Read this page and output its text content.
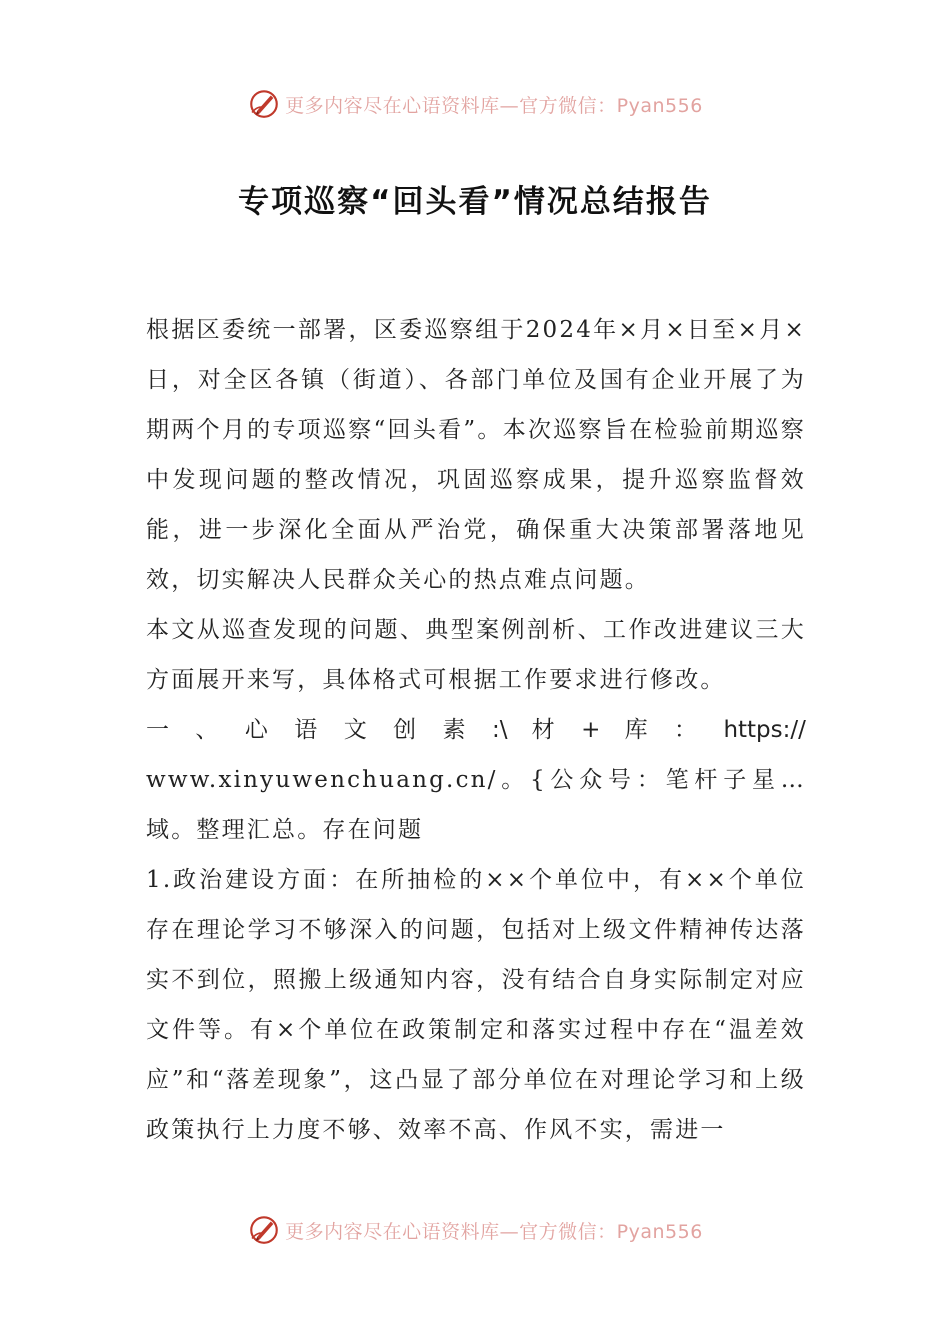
更多内容尽在心语资料库—官方微信：Pyan556
专项巡察“回头看”情况总结报告

根据区委统一部署，区委巡察组于2024年×月×日至×月×日，对全区各镇（街道）、各部门单位及国有企业开展了为期两个月的专项巡察“回头看”。本次巡察旨在检验前期巡察中发现问题的整改情况，巩固巡察成果，提升巡察监督效能，进一步深化全面从严治党，确保重大决策部署落地见效，切实解决人民群众关心的热点难点问题。

本文从巡查发现的问题、典型案例剖析、工作改进建议三大方面展开来写，具体格式可根据工作要求进行修改。

一 、 心 语 文 创 素 :\ 材 + 库 ： https://

www.xinyuwenchuang.cn/。{公众号：笔杆子星…域。整理汇总。存在问题

1.政治建设方面：在所抽检的××个单位中，有××个单位存在理论学习不够深入的问题，包括对上级文件精神传达落实不到位，照搬上级通知内容，没有结合自身实际制定对应文件等。有×个单位在政策制定和落实过程中存在“温差效应”和“落差现象”，这凸显了部分单位在对理论学习和上级政策执行上力度不够、效率不高、作风不实，需进一

更多内容尽在心语资料库—官方微信：Pyan556
